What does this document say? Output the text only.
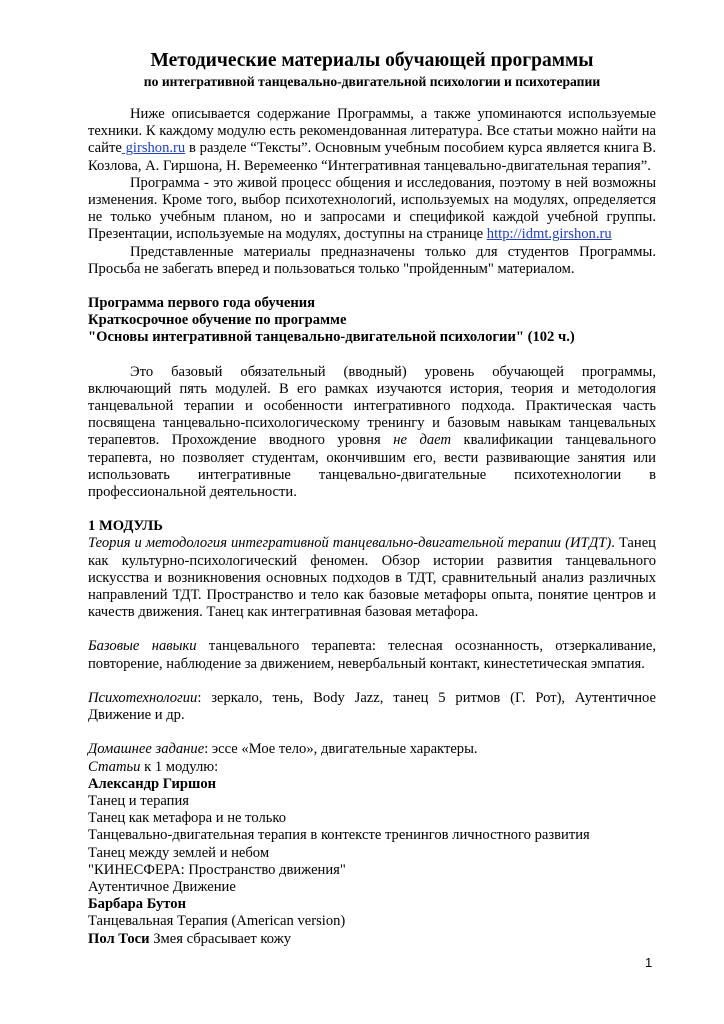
Методические материалы обучающей программы

по интегративной танцевально-двигательной психологии и психотерапии

Ниже описывается содержание Программы, а также упоминаются используемые техники. К каждому модулю есть рекомендованная литература. Все статьи можно найти на сайте girshon.ru в разделе “Тексты”. Основным учебным пособием курса является книга В. Козлова, А. Гиршона, Н. Веремеенко “Интегративная танцевально-двигательная терапия”.

Программа - это живой процесс общения и исследования, поэтому в ней возможны изменения. Кроме того, выбор психотехнологий, используемых на модулях, определяется не только учебным планом, но и запросами и спецификой каждой учебной группы. Презентации, используемые на модулях, доступны на странице http://idmt.girshon.ru

Представленные материалы предназначены только для студентов Программы. Просьба не забегать вперед и пользоваться только "пройденным" материалом.

Программа первого года обучения

Краткосрочное обучение по программе

"Основы интегративной танцевально-двигательной психологии" (102 ч.)

Это базовый обязательный (вводный) уровень обучающей программы, включающий пять модулей. В его рамках изучаются история, теория и методология танцевальной терапии и особенности интегративного подхода. Практическая часть посвящена танцевально-психологическому тренингу и базовым навыкам танцевальных терапевтов. Прохождение вводного уровня не дает квалификации танцевального терапевта, но позволяет студентам, окончившим его, вести развивающие занятия или использовать интегративные танцевально-двигательные психотехнологии в профессиональной деятельности.

1 МОДУЛЬ

Теория и методология интегративной танцевально-двигательной терапии (ИТДТ). Танец как культурно-психологический феномен. Обзор истории развития танцевального искусства и возникновения основных подходов в ТДТ, сравнительный анализ различных направлений ТДТ. Пространство и тело как базовые метафоры опыта, понятие центров и качеств движения. Танец как интегративная базовая метафора.

Базовые навыки танцевального терапевта: телесная осознанность, отзеркаливание, повторение, наблюдение за движением, невербальный контакт, кинестетическая эмпатия.

Психотехнологии: зеркало, тень, Body Jazz, танец 5 ритмов (Г. Рот), Аутентичное Движение и др.

Домашнее задание: эссе «Мое тело», двигательные характеры.

Статьи к 1 модулю:

Александр Гиршон

Танец и терапия

Танец как метафора и не только

Танцевально-двигательная терапия в контексте тренингов личностного развития

Танец между землей и небом

"КИНЕСФЕРА: Пространство движения"

Аутентичное Движение

Барбара Бутон

Танцевальная Терапия (American version)

Пол Тоси Змея сбрасывает кожу

1
